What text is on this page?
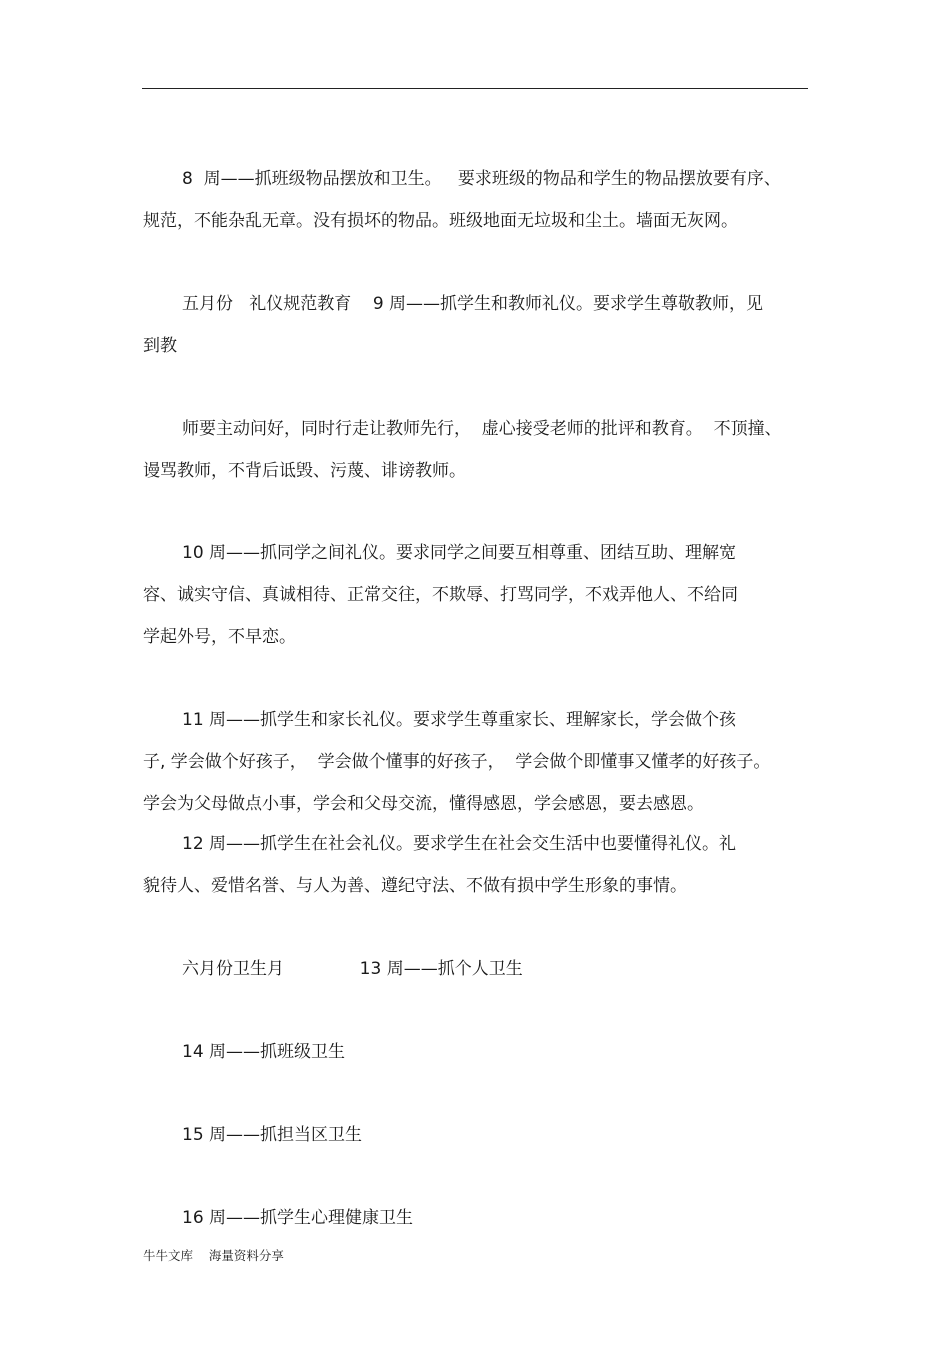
8  周——抓班级物品摆放和卫生。   要求班级的物品和学生的物品摆放要有序、
规范，不能杂乱无章。没有损坏的物品。班级地面无垃圾和尘土。墙面无灰网。
五月份   礼仪规范教育    9 周——抓学生和教师礼仪。要求学生尊敬教师，见
到教
师要主动问好，同时行走让教师先行，  虚心接受老师的批评和教育。  不顶撞、
谩骂教师，不背后诋毁、污蔑、诽谤教师。
10 周——抓同学之间礼仪。要求同学之间要互相尊重、团结互助、理解宽
容、诚实守信、真诚相待、正常交往，不欺辱、打骂同学，不戏弄他人、不给同
学起外号，不早恋。
11 周——抓学生和家长礼仪。要求学生尊重家长、理解家长，学会做个孩
子, 学会做个好孩子，  学会做个懂事的好孩子，  学会做个即懂事又懂孝的好孩子。
学会为父母做点小事，学会和父母交流，懂得感恩，学会感恩，要去感恩。
12 周——抓学生在社会礼仪。要求学生在社会交生活中也要懂得礼仪。礼
貌待人、爱惜名誉、与人为善、遵纪守法、不做有损中学生形象的事情。
六月份卫生月              13 周——抓个人卫生
14 周——抓班级卫生
15 周——抓担当区卫生
16 周——抓学生心理健康卫生
牛牛文库    海量资料分享
